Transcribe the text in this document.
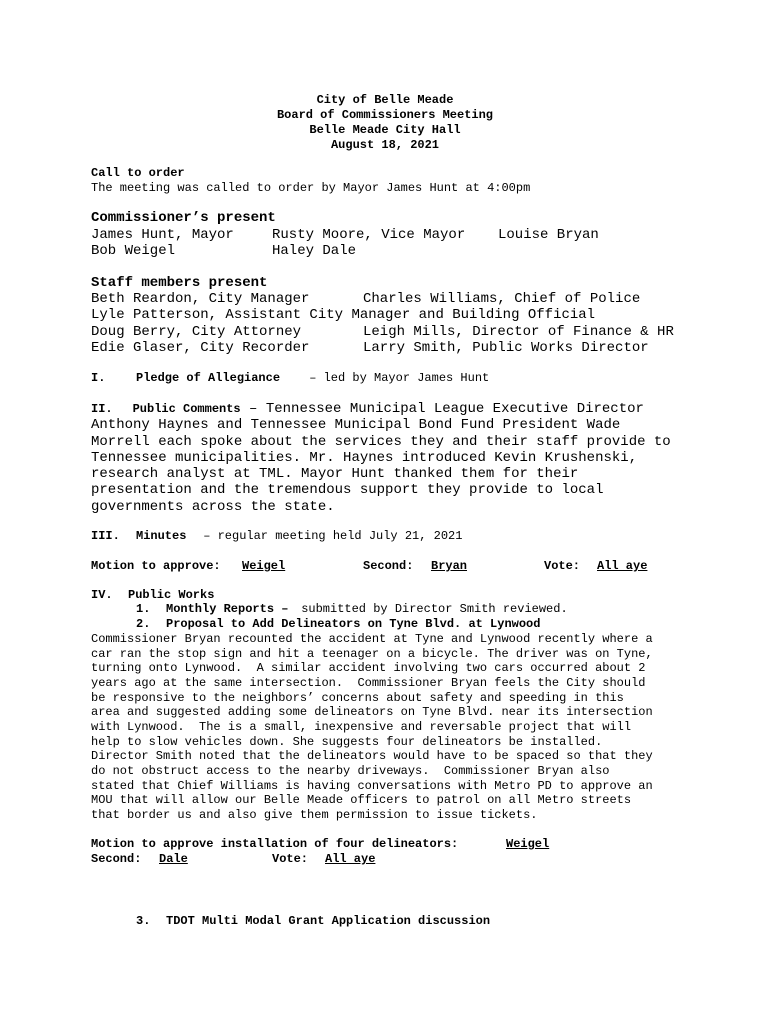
City of Belle Meade
Board of Commissioners Meeting
Belle Meade City Hall
August 18, 2021
Call to order
The meeting was called to order by Mayor James Hunt at 4:00pm
Commissioner’s present
James Hunt, Mayor	Rusty Moore, Vice Mayor Louise Bryan
Bob Weigel	Haley Dale
Staff members present
Beth Reardon, City Manager	Charles Williams, Chief of Police
Lyle Patterson, Assistant City Manager and Building Official
Doug Berry, City Attorney	Leigh Mills, Director of Finance & HR
Edie Glaser, City Recorder	Larry Smith, Public Works Director
I.	Pledge of Allegiance – led by Mayor James Hunt
II. Public Comments – Tennessee Municipal League Executive Director Anthony Haynes and Tennessee Municipal Bond Fund President Wade Morrell each spoke about the services they and their staff provide to Tennessee municipalities. Mr. Haynes introduced Kevin Krushenski, research analyst at TML. Mayor Hunt thanked them for their presentation and the tremendous support they provide to local governments across the state.
III. Minutes – regular meeting held July 21, 2021
Motion to approve: Weigel	Second: Bryan	Vote: All aye
IV. Public Works
1. Monthly Reports – submitted by Director Smith reviewed.
2. Proposal to Add Delineators on Tyne Blvd. at Lynwood
Commissioner Bryan recounted the accident at Tyne and Lynwood recently where a
car ran the stop sign and hit a teenager on a bicycle. The driver was on Tyne,
turning onto Lynwood.  A similar accident involving two cars occurred about 2
years ago at the same intersection.  Commissioner Bryan feels the City should
be responsive to the neighbors’ concerns about safety and speeding in this
area and suggested adding some delineators on Tyne Blvd. near its intersection
with Lynwood.  The is a small, inexpensive and reversable project that will
help to slow vehicles down. She suggests four delineators be installed.
Director Smith noted that the delineators would have to be spaced so that they
do not obstruct access to the nearby driveways.  Commissioner Bryan also
stated that Chief Williams is having conversations with Metro PD to approve an
MOU that will allow our Belle Meade officers to patrol on all Metro streets
that border us and also give them permission to issue tickets.
Motion to approve installation of four delineators:	Weigel
Second: Dale	Vote: All aye
3. TDOT Multi Modal Grant Application discussion
